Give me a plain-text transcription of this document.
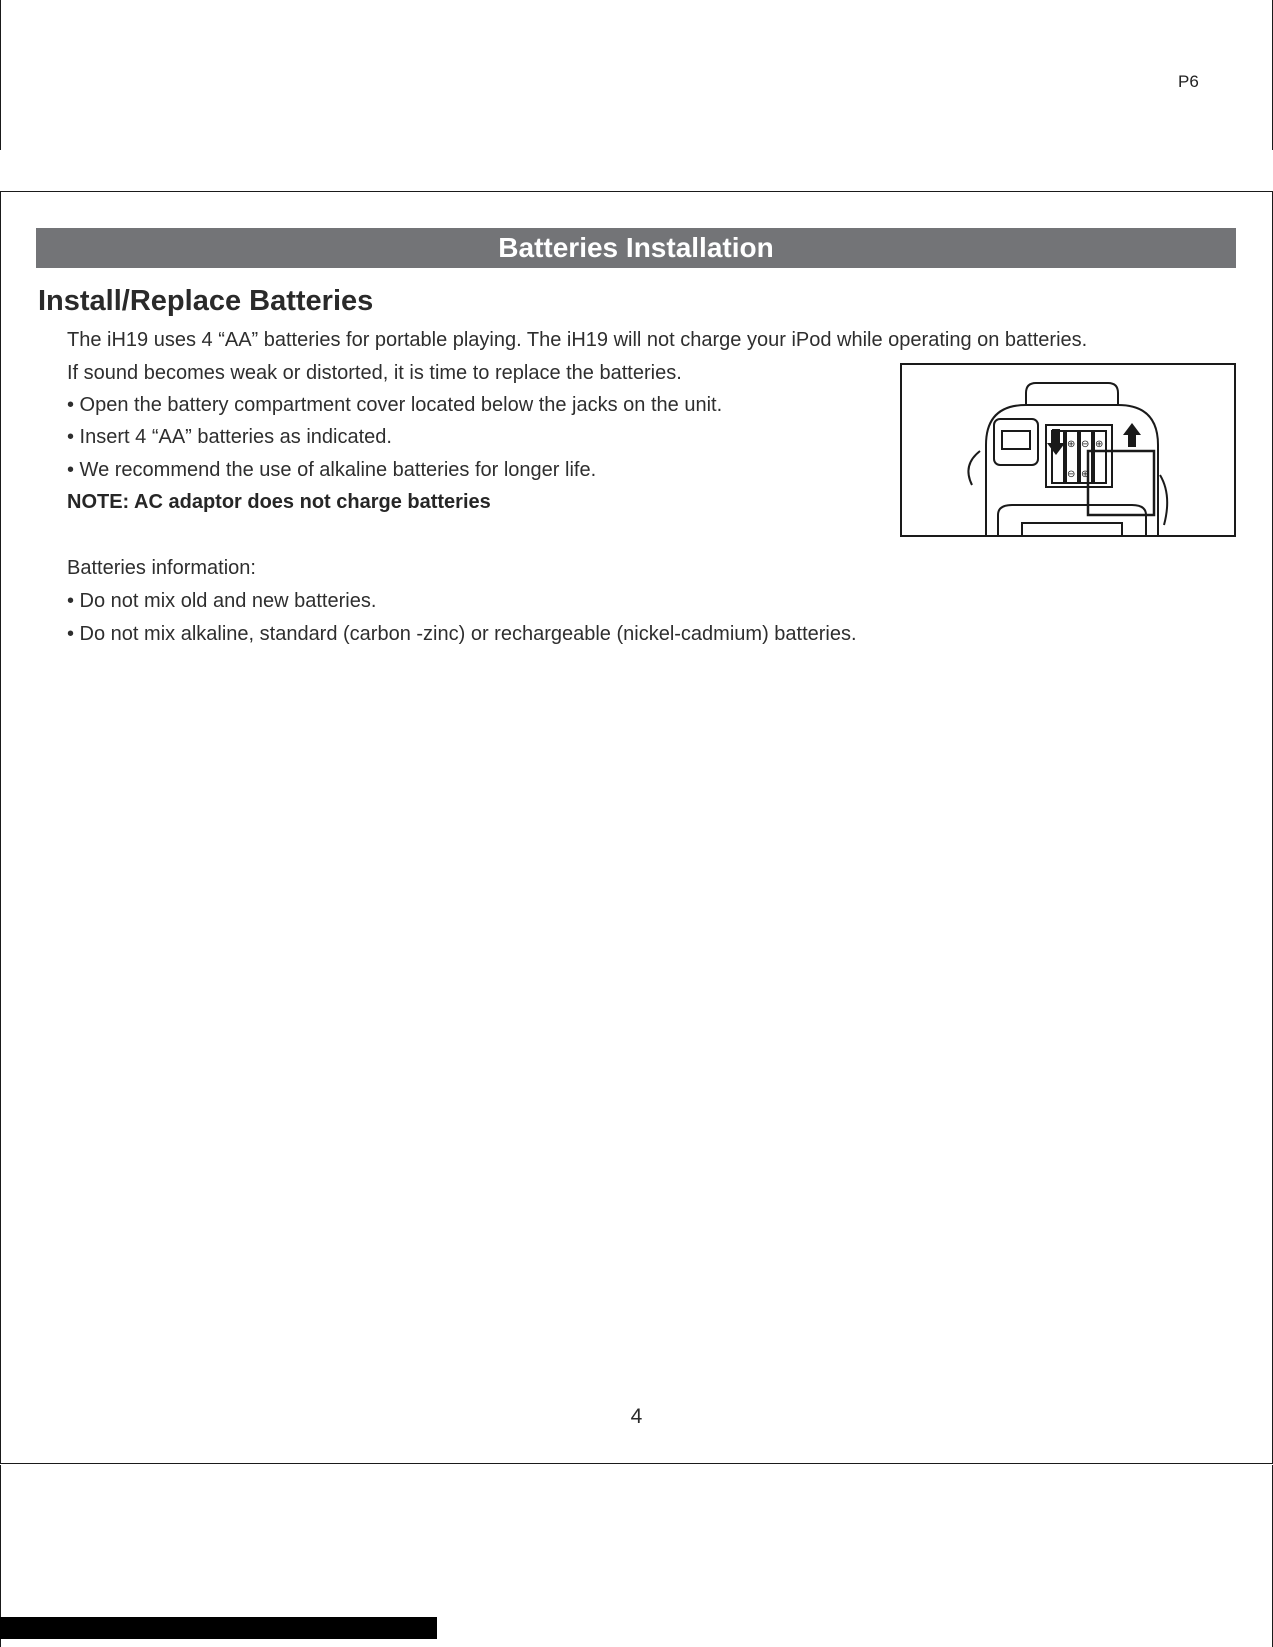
P6
Batteries Installation
Install/Replace Batteries
The iH19 uses 4 “AA” batteries for portable playing. The iH19 will not charge your iPod while operating on batteries.
If sound becomes weak or distorted, it is time to replace the batteries.
• Open the battery compartment cover located below the jacks on the unit.
• Insert 4 “AA” batteries as indicated.
• We recommend the use of alkaline batteries for longer life.
NOTE: AC adaptor does not charge batteries
Batteries information:
• Do not mix old and new batteries.
• Do not mix alkaline, standard (carbon -zinc) or rechargeable (nickel-cadmium) batteries.
⊕ ⊖ ⊕
⊖ ⊕
4
